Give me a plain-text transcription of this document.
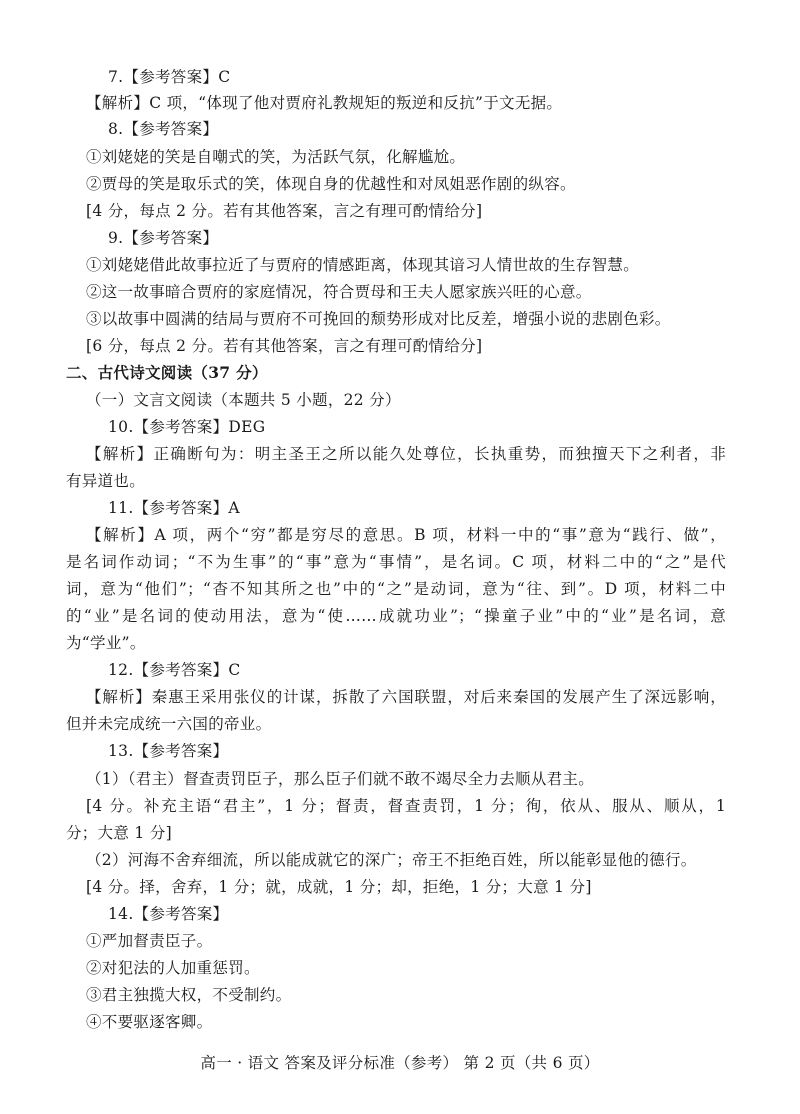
7.【参考答案】C
【解析】C 项，“体现了他对贾府礼教规矩的叛逆和反抗”于文无据。
8.【参考答案】
①刘姥姥的笑是自嘲式的笑，为活跃气氛，化解尴尬。
②贾母的笑是取乐式的笑，体现自身的优越性和对凤姐恶作剧的纵容。
[4 分，每点 2 分。若有其他答案，言之有理可酌情给分]
9.【参考答案】
①刘姥姥借此故事拉近了与贾府的情感距离，体现其谙习人情世故的生存智慧。
②这一故事暗合贾府的家庭情况，符合贾母和王夫人愿家族兴旺的心意。
③以故事中圆满的结局与贾府不可挽回的颓势形成对比反差，增强小说的悲剧色彩。
[6 分，每点 2 分。若有其他答案，言之有理可酌情给分]
二、古代诗文阅读（37 分）
（一）文言文阅读（本题共 5 小题，22 分）
10.【参考答案】DEG
【解析】正确断句为：明主圣王之所以能久处尊位，长执重势，而独擅天下之利者，非
有异道也。
11.【参考答案】A
【解析】A 项，两个“穷”都是穷尽的意思。B 项，材料一中的“事”意为“践行、做”，
是名词作动词；“不为生事”的“事”意为“事情”，是名词。C 项，材料二中的“之”是代
词，意为“他们”；“杳不知其所之也”中的“之”是动词，意为“往、到”。D 项，材料二中
的“业”是名词的使动用法，意为“使……成就功业”；“操童子业”中的“业”是名词，意
为“学业”。
12.【参考答案】C
【解析】秦惠王采用张仪的计谋，拆散了六国联盟，对后来秦国的发展产生了深远影响，
但并未完成统一六国的帝业。
13.【参考答案】
（1）（君主）督查责罚臣子，那么臣子们就不敢不竭尽全力去顺从君主。
[4 分。补充主语“君主”，1 分；督责，督查责罚，1 分；徇，依从、服从、顺从，1
分；大意 1 分]
（2）河海不舍弃细流，所以能成就它的深广；帝王不拒绝百姓，所以能彰显他的德行。
[4 分。择，舍弃，1 分；就，成就，1 分；却，拒绝，1 分；大意 1 分]
14.【参考答案】
①严加督责臣子。
②对犯法的人加重惩罚。
③君主独揽大权，不受制约。
④不要驱逐客卿。
高一 · 语文 答案及评分标准（参考） 第 2 页（共 6 页）
